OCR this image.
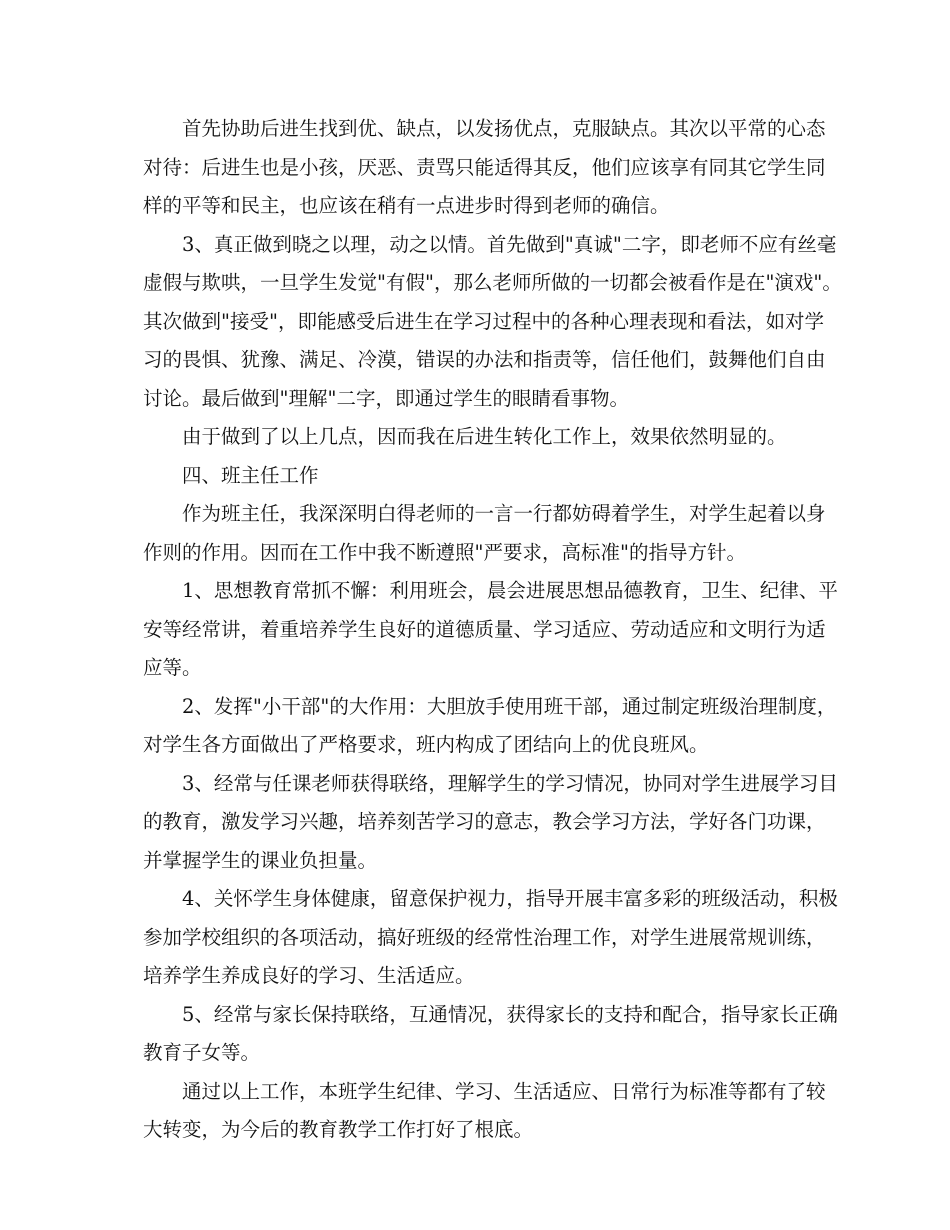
首先协助后进生找到优、缺点，以发扬优点，克服缺点。其次以平常的心态
对待：后进生也是小孩，厌恶、责骂只能适得其反，他们应该享有同其它学生同
样的平等和民主，也应该在稍有一点进步时得到老师的确信。
3、真正做到晓之以理，动之以情。首先做到"真诚"二字，即老师不应有丝毫
虚假与欺哄，一旦学生发觉"有假"，那么老师所做的一切都会被看作是在"演戏"。
其次做到"接受"，即能感受后进生在学习过程中的各种心理表现和看法，如对学
习的畏惧、犹豫、满足、冷漠，错误的办法和指责等，信任他们，鼓舞他们自由
讨论。最后做到"理解"二字，即通过学生的眼睛看事物。
由于做到了以上几点，因而我在后进生转化工作上，效果依然明显的。
四、班主任工作
作为班主任，我深深明白得老师的一言一行都妨碍着学生，对学生起着以身
作则的作用。因而在工作中我不断遵照"严要求，高标准"的指导方针。
1、思想教育常抓不懈：利用班会，晨会进展思想品德教育，卫生、纪律、平
安等经常讲，着重培养学生良好的道德质量、学习适应、劳动适应和文明行为适
应等。
2、发挥"小干部"的大作用：大胆放手使用班干部，通过制定班级治理制度，
对学生各方面做出了严格要求，班内构成了团结向上的优良班风。
3、经常与任课老师获得联络，理解学生的学习情况，协同对学生进展学习目
的教育，激发学习兴趣，培养刻苦学习的意志，教会学习方法，学好各门功课，
并掌握学生的课业负担量。
4、关怀学生身体健康，留意保护视力，指导开展丰富多彩的班级活动，积极
参加学校组织的各项活动，搞好班级的经常性治理工作，对学生进展常规训练，
培养学生养成良好的学习、生活适应。
5、经常与家长保持联络，互通情况，获得家长的支持和配合，指导家长正确
教育子女等。
通过以上工作，本班学生纪律、学习、生活适应、日常行为标准等都有了较
大转变，为今后的教育教学工作打好了根底。
